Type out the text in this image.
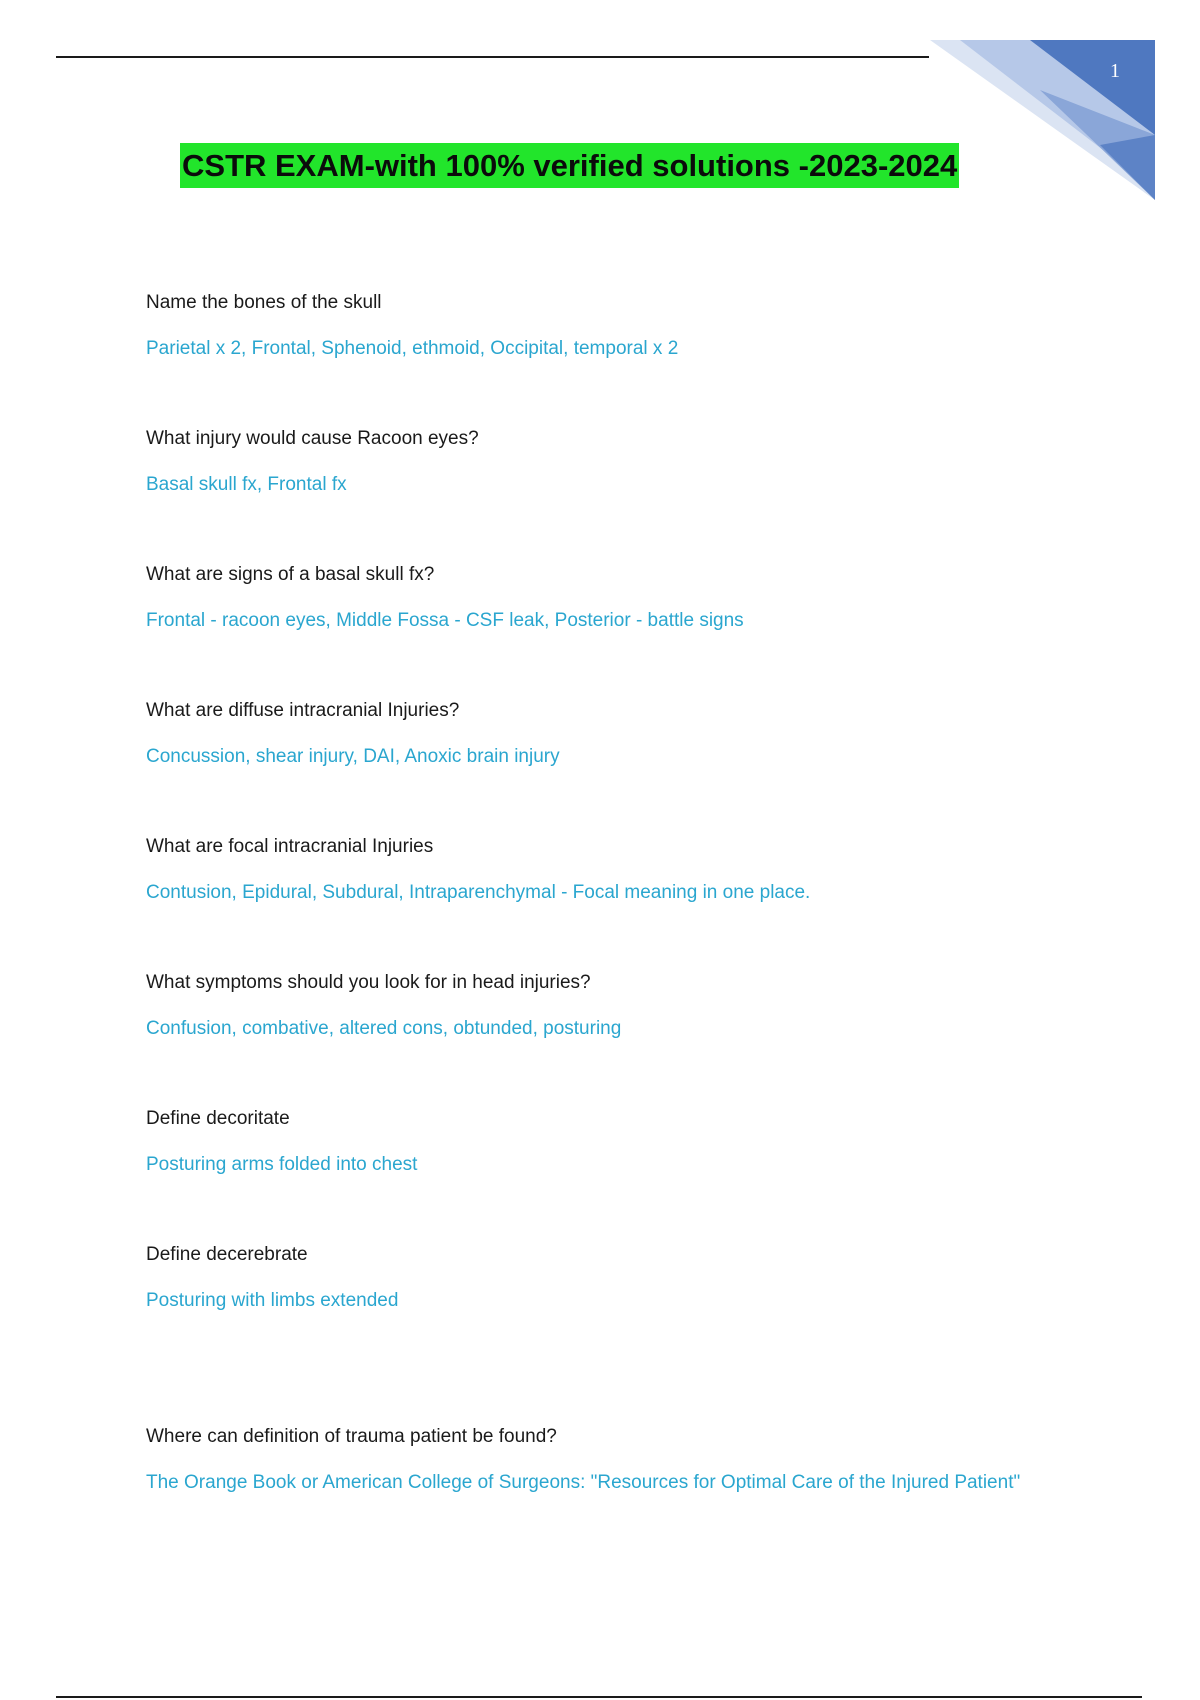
1
CSTR EXAM-with 100% verified solutions -2023-2024

Name the bones of the skull

Parietal x 2, Frontal, Sphenoid, ethmoid, Occipital, temporal x 2

What injury would cause Racoon eyes?

Basal skull fx, Frontal fx

What are signs of a basal skull fx?

Frontal - racoon eyes, Middle Fossa - CSF leak, Posterior - battle signs

What are diffuse intracranial Injuries?

Concussion, shear injury, DAI, Anoxic brain injury

What are focal intracranial Injuries

Contusion, Epidural, Subdural, Intraparenchymal - Focal meaning in one place.

What symptoms should you look for in head injuries?

Confusion, combative, altered cons, obtunded, posturing

Define decoritate

Posturing arms folded into chest

Define decerebrate

Posturing with limbs extended

Where can definition of trauma patient be found?

The Orange Book or American College of Surgeons: "Resources for Optimal Care of the Injured Patient"
